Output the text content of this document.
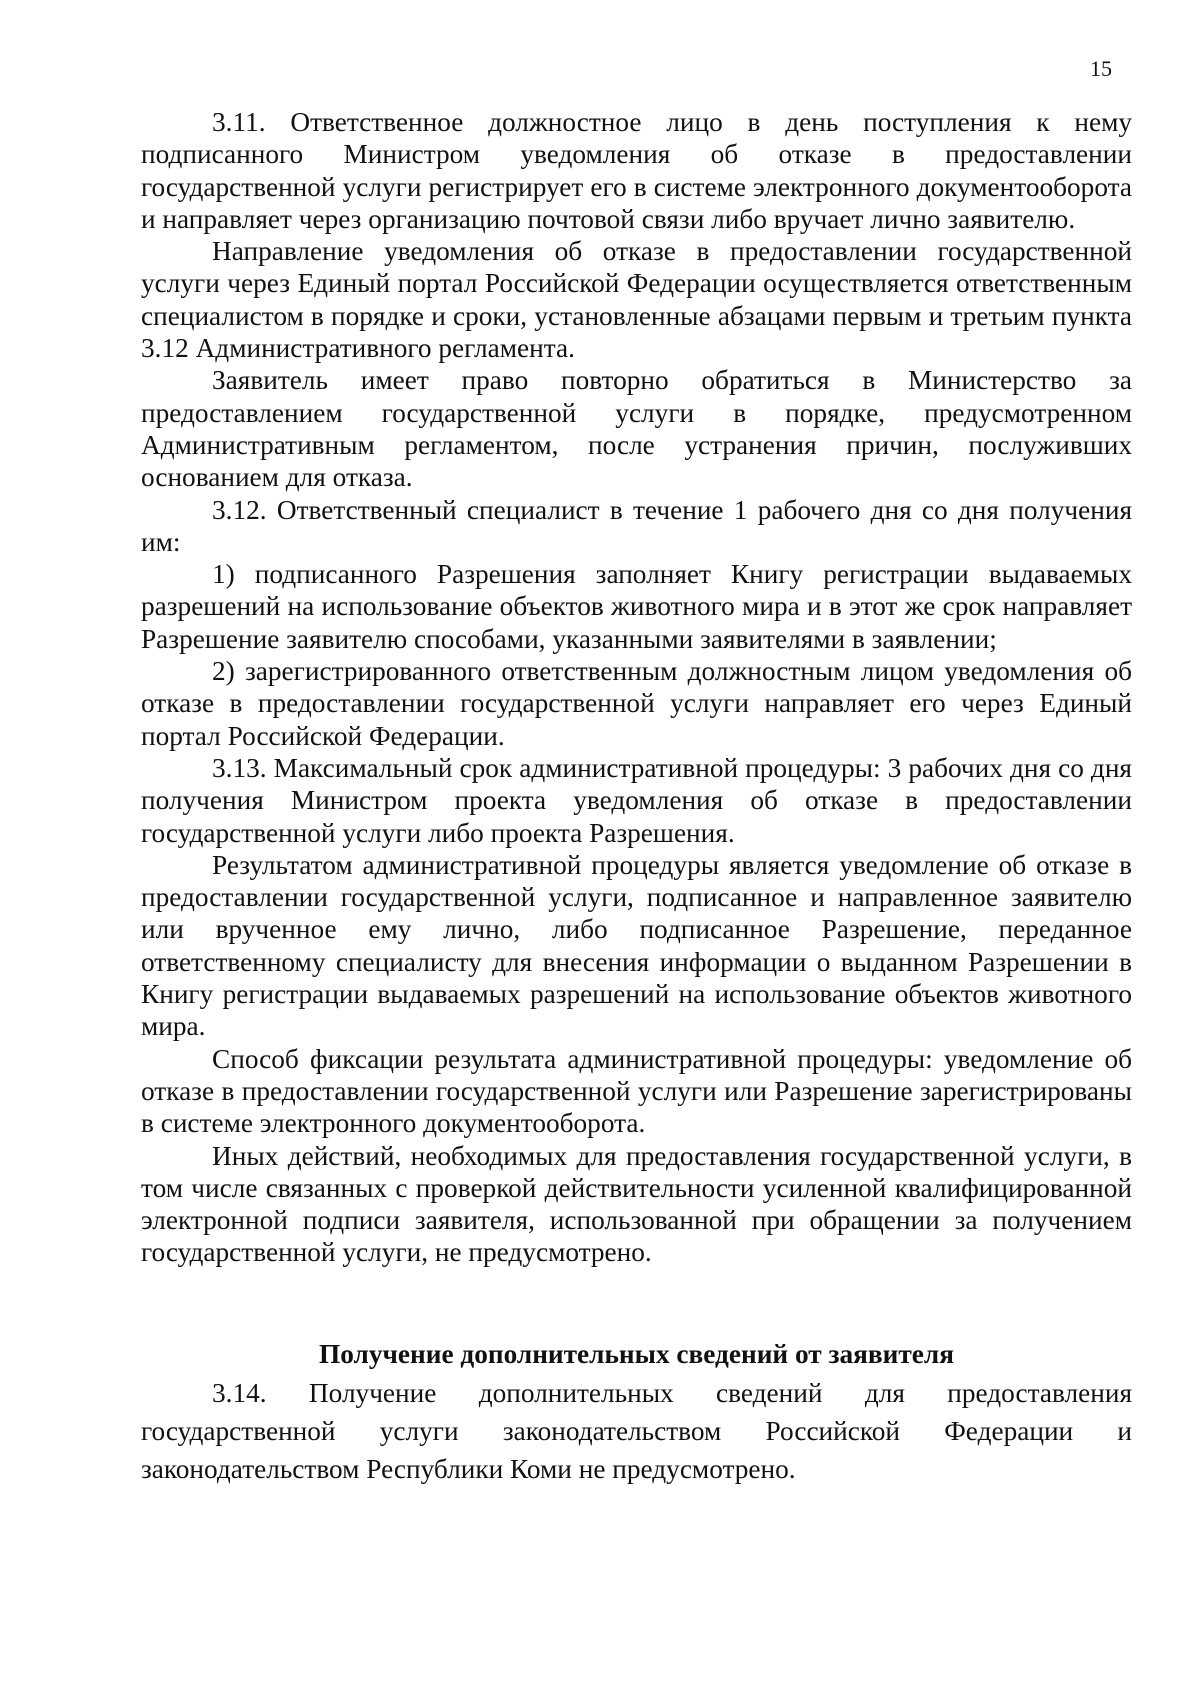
15

3.11. Ответственное должностное лицо в день поступления к нему подписанного Министром уведомления об отказе в предоставлении государственной услуги регистрирует его в системе электронного документооборота и направляет через организацию почтовой связи либо вручает лично заявителю.

Направление уведомления об отказе в предоставлении государственной услуги через Единый портал Российской Федерации осуществляется ответственным специалистом в порядке и сроки, установленные абзацами первым и третьим пункта 3.12 Административного регламента.

Заявитель имеет право повторно обратиться в Министерство за предоставлением государственной услуги в порядке, предусмотренном Административным регламентом, после устранения причин, послуживших основанием для отказа.

3.12. Ответственный специалист в течение 1 рабочего дня со дня получения им:

1) подписанного Разрешения заполняет Книгу регистрации выдаваемых разрешений на использование объектов животного мира и в этот же срок направляет Разрешение заявителю способами, указанными заявителями в заявлении;

2) зарегистрированного ответственным должностным лицом уведомления об отказе в предоставлении государственной услуги направляет его через Единый портал Российской Федерации.

3.13. Максимальный срок административной процедуры: 3 рабочих дня со дня получения Министром проекта уведомления об отказе в предоставлении государственной услуги либо проекта Разрешения.

Результатом административной процедуры является уведомление об отказе в предоставлении государственной услуги, подписанное и направленное заявителю или врученное ему лично, либо подписанное Разрешение, переданное ответственному специалисту для внесения информации о выданном Разрешении в Книгу регистрации выдаваемых разрешений на использование объектов животного мира.

Способ фиксации результата административной процедуры: уведомление об отказе в предоставлении государственной услуги или Разрешение зарегистрированы в системе электронного документооборота.

Иных действий, необходимых для предоставления государственной услуги, в том числе связанных с проверкой действительности усиленной квалифицированной электронной подписи заявителя, использованной при обращении за получением государственной услуги, не предусмотрено.

Получение дополнительных сведений от заявителя

3.14. Получение дополнительных сведений для предоставления государственной услуги законодательством Российской Федерации и законодательством Республики Коми не предусмотрено.
